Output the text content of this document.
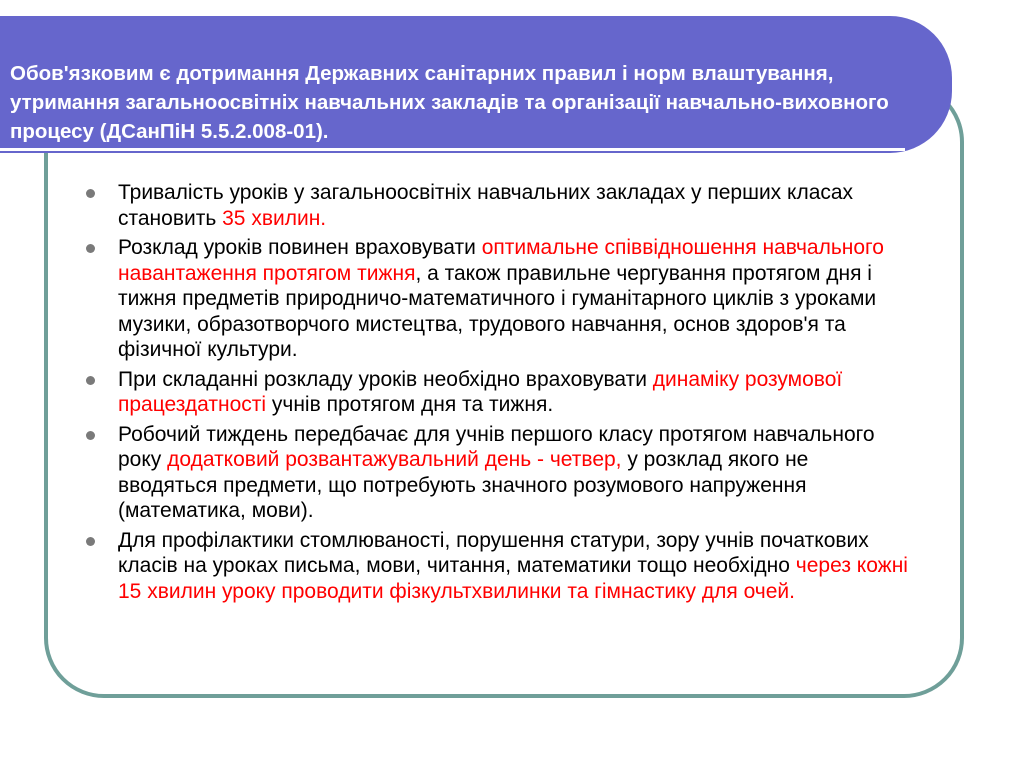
Обов'язковим є дотримання Державних санітарних правил і норм влаштування, утримання загальноосвітніх навчальних закладів та організації навчально-виховного процесу (ДСанПіН 5.5.2.008-01).

Тривалість уроків у загальноосвітніх навчальних закладах у перших класах становить 35 хвилин.
Розклад уроків повинен враховувати оптимальне співвідношення навчального навантаження протягом тижня, а також правильне чергування протягом дня і тижня предметів природничо-математичного і гуманітарного циклів з уроками музики, образотворчого мистецтва, трудового навчання, основ здоров'я та фізичної культури.
При складанні розкладу уроків необхідно враховувати динаміку розумової працездатності учнів протягом дня та тижня.
Робочий тиждень передбачає для учнів першого класу протягом навчального року додатковий розвантажувальний день - четвер, у розклад якого не вводяться предмети, що потребують значного розумового напруження (математика, мови).
Для профілактики стомлюваності, порушення статури, зору учнів початкових класів на уроках письма, мови, читання, математики тощо необхідно через кожні 15 хвилин уроку проводити фізкультхвилинки та гімнастику для очей.
